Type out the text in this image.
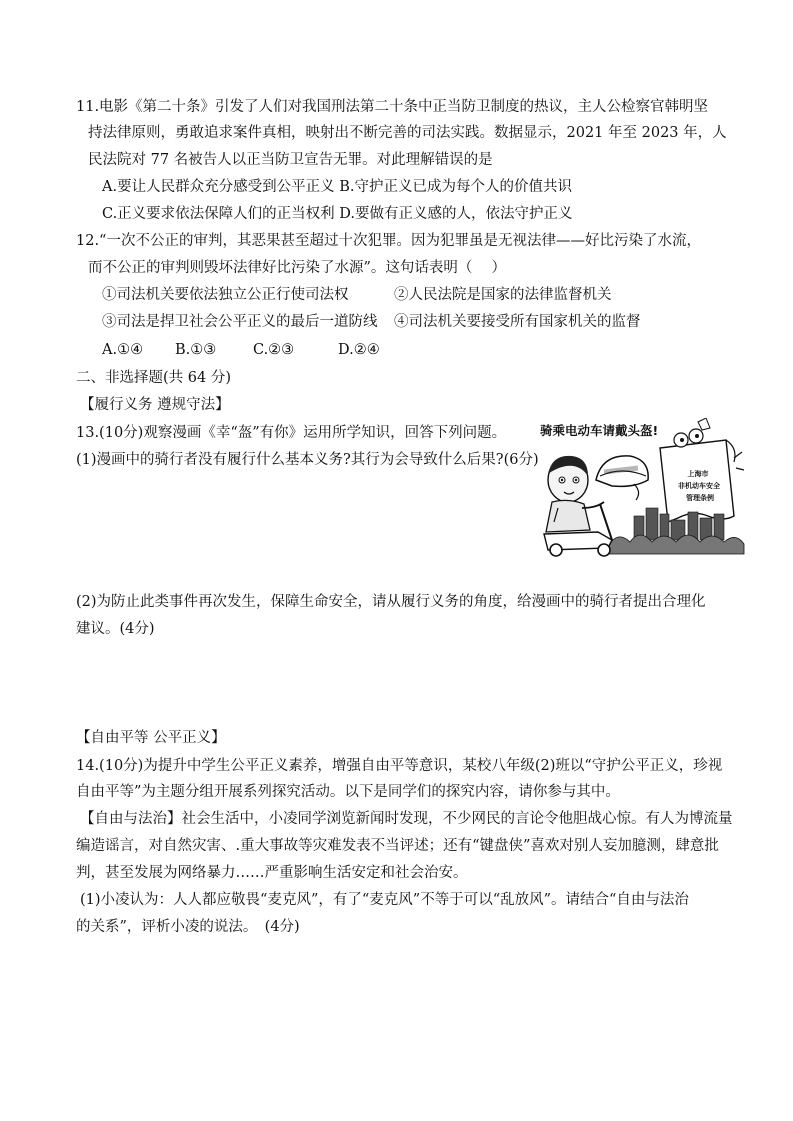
11.电影《第二十条》引发了人们对我国刑法第二十条中正当防卫制度的热议，主人公检察官韩明坚
持法律原则，勇敢追求案件真相，映射出不断完善的司法实践。数据显示，2021 年至 2023 年，人
民法院对 77 名被告人以正当防卫宣告无罪。对此理解错误的是
A.要让人民群众充分感受到公平正义 B.守护正义已成为每个人的价值共识
C.正义要求依法保障人们的正当权利 D.要做有正义感的人，依法守护正义
12.“一次不公正的审判，其恶果甚至超过十次犯罪。因为犯罪虽是无视法律——好比污染了水流，
而不公正的审判则毁坏法律好比污染了水源”。这句话表明（　 ）
①司法机关要依法独立公正行使司法权	②人民法院是国家的法律监督机关
③司法是捍卫社会公平正义的最后一道防线 ④司法机关要接受所有国家机关的监督
A.①④ B.①③	C.②③	D.②④
二、非选择题(共 64 分)
【履行义务 遵规守法】
13.(10分)观察漫画《幸“盔”有你》运用所学知识，回答下列问题。
(1)漫画中的骑行者没有履行什么基本义务?其行为会导致什么后果?(6分)
骑乘电动车请戴头盔!
上海市
非机动车安全
管理条例
(2)为防止此类事件再次发生，保障生命安全，请从履行义务的角度，给漫画中的骑行者提出合理化
建议。(4分)
【自由平等 公平正义】
14.(10分)为提升中学生公平正义素养，增强自由平等意识，某校八年级(2)班以“守护公平正义，珍视
自由平等”为主题分组开展系列探究活动。以下是同学们的探究内容，请你参与其中。
【自由与法治】社会生活中，小凌同学浏览新闻时发现，不少网民的言论令他胆战心惊。有人为博流量
编造谣言，对自然灾害、.重大事故等灾难发表不当评述；还有“键盘侠”喜欢对别人妄加臆测，肆意批
判，甚至发展为网络暴力……严重影响生活安定和社会治安。
(1)小凌认为：人人都应敬畏“麦克风”，有了“麦克风”不等于可以“乱放风”。请结合“自由与法治
的关系”，评析小凌的说法。　(4分)
